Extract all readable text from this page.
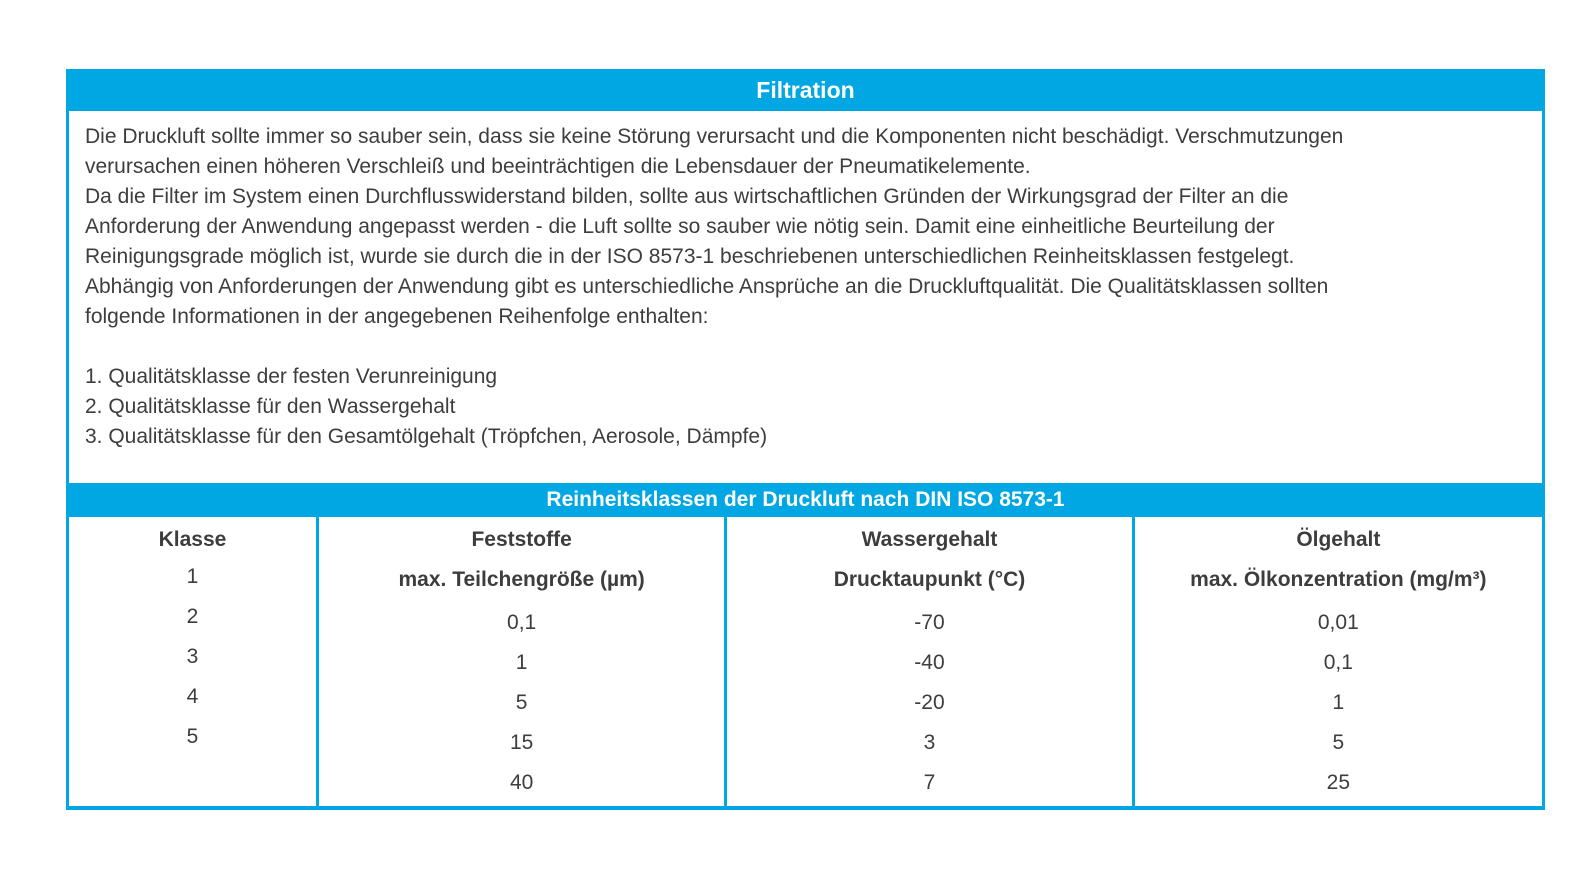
Filtration
Die Druckluft sollte immer so sauber sein, dass sie keine Störung verursacht und die Komponenten nicht beschädigt. Verschmutzungen
verursachen einen höheren Verschleiß und beeinträchtigen die Lebensdauer der Pneumatikelemente.
Da die Filter im System einen Durchflusswiderstand bilden, sollte aus wirtschaftlichen Gründen der Wirkungsgrad der Filter an die
Anforderung der Anwendung angepasst werden - die Luft sollte so sauber wie nötig sein. Damit eine einheitliche Beurteilung der
Reinigungsgrade möglich ist, wurde sie durch die in der ISO 8573-1 beschriebenen unterschiedlichen Reinheitsklassen festgelegt.
Abhängig von Anforderungen der Anwendung gibt es unterschiedliche Ansprüche an die Druckluftqualität. Die Qualitätsklassen sollten
folgende Informationen in der angegebenen Reihenfolge enthalten:
1. Qualitätsklasse der festen Verunreinigung
2. Qualitätsklasse für den Wassergehalt
3. Qualitätsklasse für den Gesamtölgehalt (Tröpfchen, Aerosole, Dämpfe)
Reinheitsklassen der Druckluft nach DIN ISO 8573-1
Klasse
1
2
3
4
5
Feststoffe
max. Teilchengröße (µm)
0,1
1
5
15
40
Wassergehalt
Drucktaupunkt (°C)
-70
-40
-20
3
7
Ölgehalt
max. Ölkonzentration (mg/m³)
0,01
0,1
1
5
25
